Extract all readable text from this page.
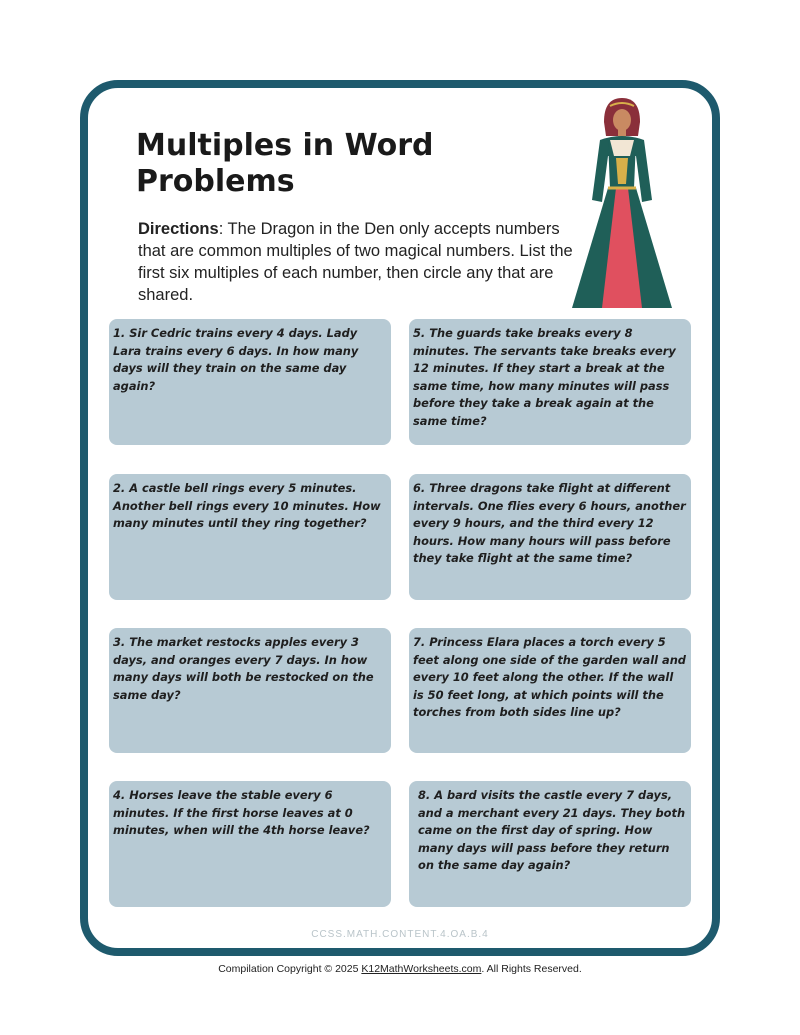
Multiples in Word Problems
Directions: The Dragon in the Den only accepts numbers that are common multiples of two magical numbers. List the first six multiples of each number, then circle any that are shared.

1. Sir Cedric trains every 4 days. Lady Lara trains every 6 days. In how many days will they train on the same day again?

2. A castle bell rings every 5 minutes. Another bell rings every 10 minutes. How many minutes until they ring together?

3. The market restocks apples every 3 days, and oranges every 7 days. In how many days will both be restocked on the same day?

4. Horses leave the stable every 6 minutes. If the first horse leaves at 0 minutes, when will the 4th horse leave?

5. The guards take breaks every 8 minutes. The servants take breaks every 12 minutes. If they start a break at the same time, how many minutes will pass before they take a break again at the same time?

6. Three dragons take flight at different intervals. One flies every 6 hours, another every 9 hours, and the third every 12 hours. How many hours will pass before they take flight at the same time?

7. Princess Elara places a torch every 5 feet along one side of the garden wall and every 10 feet along the other. If the wall is 50 feet long, at which points will the torches from both sides line up?

8. A bard visits the castle every 7 days, and a merchant every 21 days. They both came on the first day of spring. How many days will pass before they return on the same day again?

CCSS.MATH.CONTENT.4.OA.B.4
Compilation Copyright © 2025 K12MathWorksheets.com. All Rights Reserved.
